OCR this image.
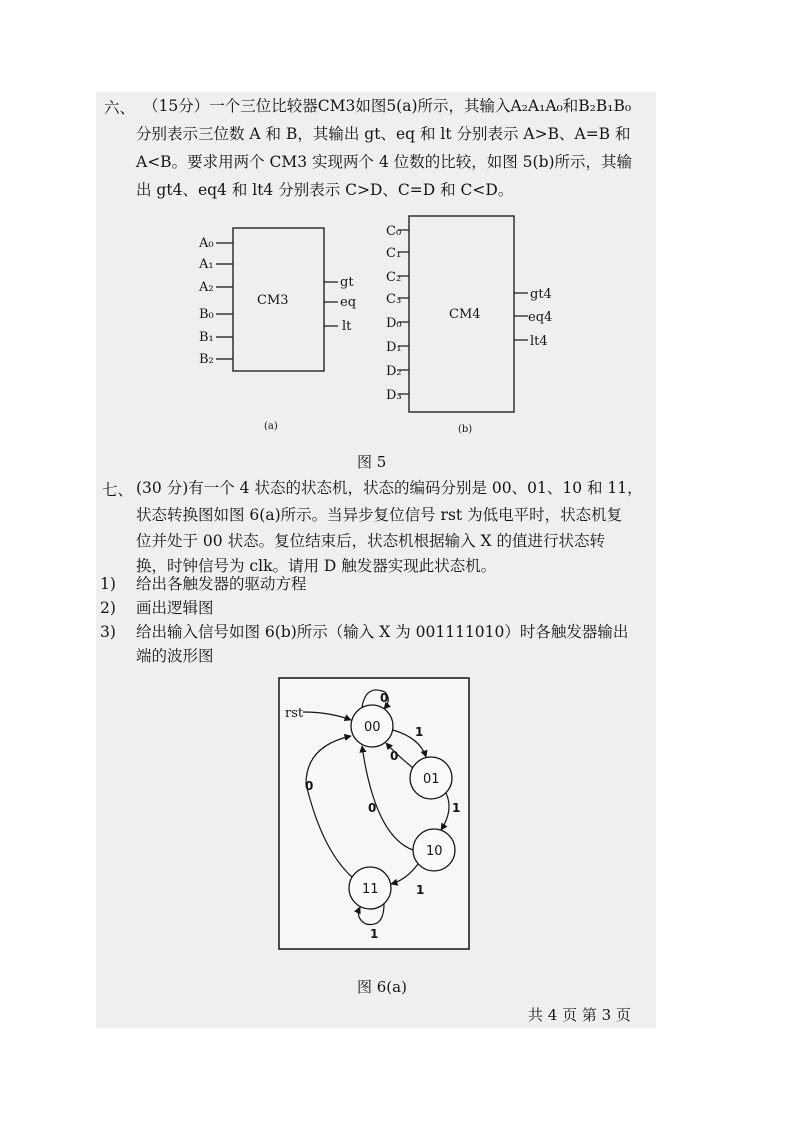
六、 （15分）一个三位比较器CM3如图5(a)所示，其输入A₂A₁A₀和B₂B₁B₀
分别表示三位数 A 和 B，其输出 gt、eq 和 lt 分别表示 A>B、A=B 和
A<B。要求用两个 CM3 实现两个 4 位数的比较，如图 5(b)所示，其输
出 gt4、eq4 和 lt4 分别表示 C>D、C=D 和 C<D。
A₀
A₁
A₂
B₀
B₁
B₂
gt
eq
lt
CM3
(a)
C₀
C₁
C₂
C₃
D₀
D₁
D₂
D₃
gt4
eq4
lt4
CM4
(b)
图 5
七、 (30 分)有一个 4 状态的状态机，状态的编码分别是 00、01、10 和 11，
状态转换图如图 6(a)所示。当异步复位信号 rst 为低电平时，状态机复
位并处于 00 状态。复位结束后，状态机根据输入 X 的值进行状态转
换，时钟信号为 clk。请用 D 触发器实现此状态机。
1) 给出各触发器的驱动方程
2) 画出逻辑图
3) 给出输入信号如图 6(b)所示（输入 X 为 001111010）时各触发器输出
端的波形图
rst
00
01
10
11
0
1
0
1
0
1
0
1
图 6(a)
共 4 页 第 3 页
